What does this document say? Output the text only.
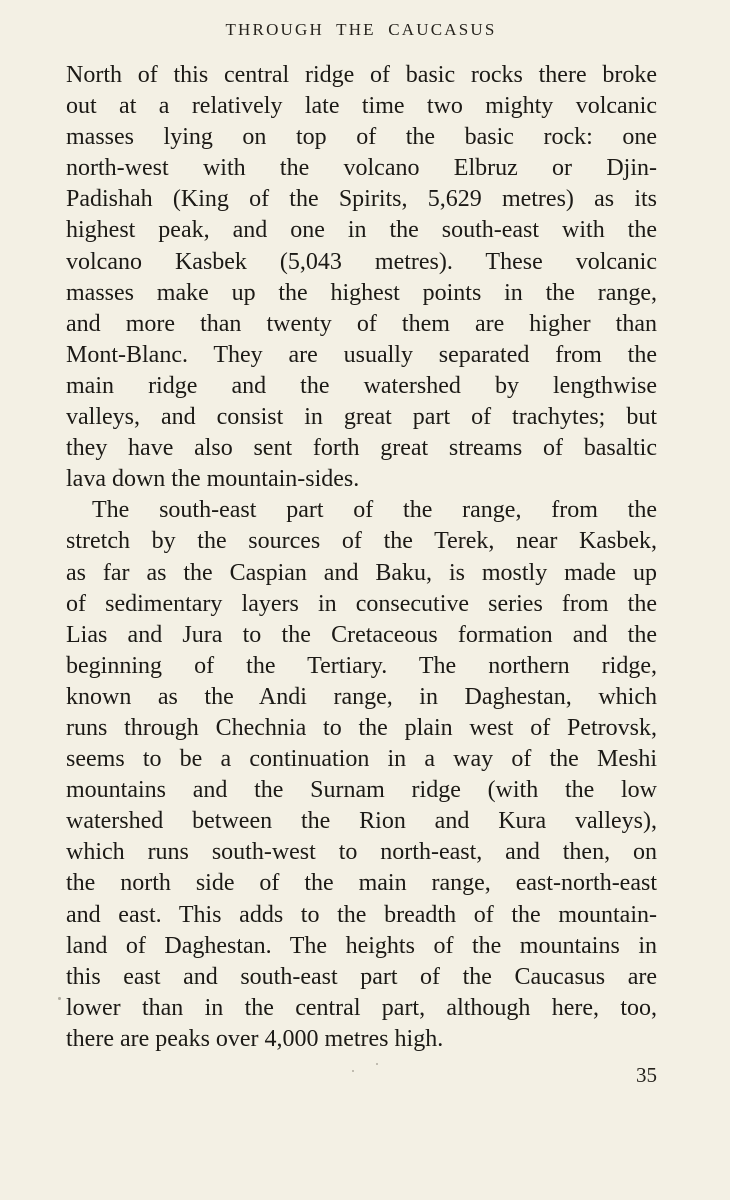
THROUGH THE CAUCASUS
North of this central ridge of basic rocks there broke
out at a relatively late time two mighty volcanic
masses lying on top of the basic rock: one
north-west with the volcano Elbruz or Djin-
Padishah (King of the Spirits, 5,629 metres) as its
highest peak, and one in the south-east with the
volcano Kasbek (5,043 metres). These volcanic
masses make up the highest points in the range,
and more than twenty of them are higher than
Mont-Blanc. They are usually separated from the
main ridge and the watershed by lengthwise
valleys, and consist in great part of trachytes; but
they have also sent forth great streams of basaltic
lava down the mountain-sides.
The south-east part of the range, from the
stretch by the sources of the Terek, near Kasbek,
as far as the Caspian and Baku, is mostly made up
of sedimentary layers in consecutive series from the
Lias and Jura to the Cretaceous formation and the
beginning of the Tertiary. The northern ridge,
known as the Andi range, in Daghestan, which
runs through Chechnia to the plain west of Petrovsk,
seems to be a continuation in a way of the Meshi
mountains and the Surnam ridge (with the low
watershed between the Rion and Kura valleys),
which runs south-west to north-east, and then, on
the north side of the main range, east-north-east
and east. This adds to the breadth of the mountain-
land of Daghestan. The heights of the mountains in
this east and south-east part of the Caucasus are
lower than in the central part, although here, too,
there are peaks over 4,000 metres high.
35
